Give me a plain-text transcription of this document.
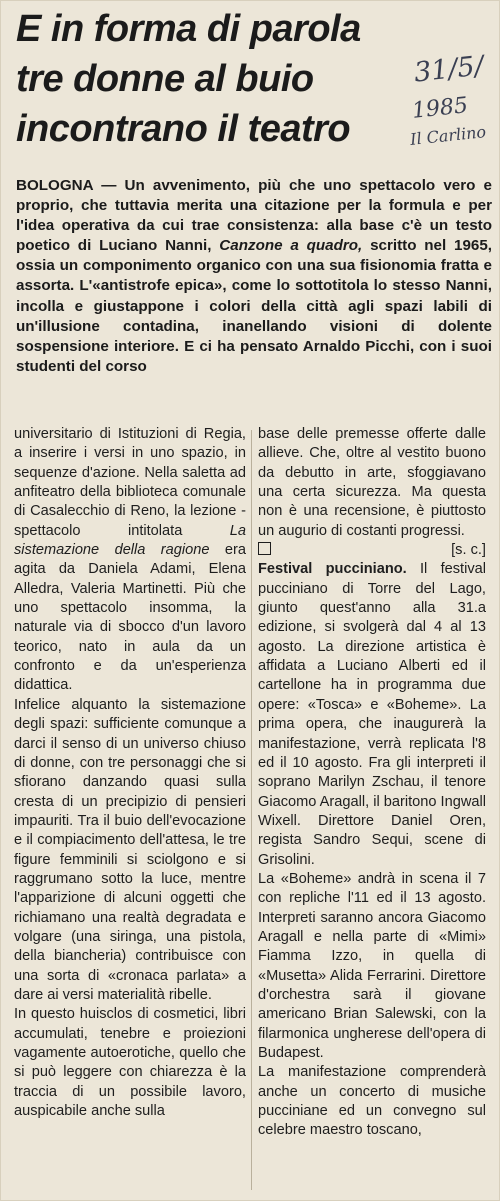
E in forma di parola
tre donne al buio
incontrano il teatro
31/5/
1985
Il Carlino
BOLOGNA — Un avvenimento, più che uno spettacolo vero e proprio, che tuttavia merita una citazione per la formula e per l'idea operativa da cui trae consistenza: alla base c'è un testo poetico di Luciano Nanni, Canzone a quadro, scritto nel 1965, ossia un componimento organico con una sua fisionomia fratta e assorta. L'«antistrofe epica», come lo sottotitola lo stesso Nanni, incolla e giustappone i colori della città agli spazi labili di un'illusione contadina, inanellando visioni di dolente sospensione interiore. E ci ha pensato Arnaldo Picchi, con i suoi studenti del corso

universitario di Istituzioni di Regia, a inserire i versi in uno spazio, in sequenze d'azione. Nella saletta ad anfiteatro della biblioteca comunale di Casalecchio di Reno, la lezione - spettacolo intitolata La sistemazione della ragione era agita da Daniela Adami, Elena Alledra, Valeria Martinetti. Più che uno spettacolo insomma, la naturale via di sbocco d'un lavoro teorico, nato in aula da un confronto e da un'esperienza didattica.

Infelice alquanto la sistemazione degli spazi: sufficiente comunque a darci il senso di un universo chiuso di donne, con tre personaggi che si sfiorano danzando quasi sulla cresta di un precipizio di pensieri impauriti. Tra il buio dell'evocazione e il compiacimento dell'attesa, le tre figure femminili si sciolgono e si raggrumano sotto la luce, mentre l'apparizione di alcuni oggetti che richiamano una realtà degradata e volgare (una siringa, una pistola, della biancheria) contribuisce con una sorta di «cronaca parlata» a dare ai versi materialità ribelle.

In questo huisclos di cosmetici, libri accumulati, tenebre e proiezioni vagamente autoerotiche, quello che si può leggere con chiarezza è la traccia di un possibile lavoro, auspicabile anche sulla

base delle premesse offerte dalle allieve. Che, oltre al vestito buono da debutto in arte, sfoggiavano una certa sicurezza. Ma questa non è una recensione, è piuttosto un augurio di costanti progressi.
[s. c.]

Festival pucciniano. Il festival pucciniano di Torre del Lago, giunto quest'anno alla 31.a edizione, si svolgerà dal 4 al 13 agosto. La direzione artistica è affidata a Luciano Alberti ed il cartellone ha in programma due opere: «Tosca» e «Boheme». La prima opera, che inaugurerà la manifestazione, verrà replicata l'8 ed il 10 agosto. Fra gli interpreti il soprano Marilyn Zschau, il tenore Giacomo Aragall, il baritono Ingwall Wixell. Direttore Daniel Oren, regista Sandro Sequi, scene di Grisolini.

La «Boheme» andrà in scena il 7 con repliche l'11 ed il 13 agosto. Interpreti saranno ancora Giacomo Aragall e nella parte di «Mimi» Fiamma Izzo, in quella di «Musetta» Alida Ferrarini. Direttore d'orchestra sarà il giovane americano Brian Salewski, con la filarmonica ungherese dell'opera di Budapest.

La manifestazione comprenderà anche un concerto di musiche pucciniane ed un convegno sul celebre maestro toscano,
